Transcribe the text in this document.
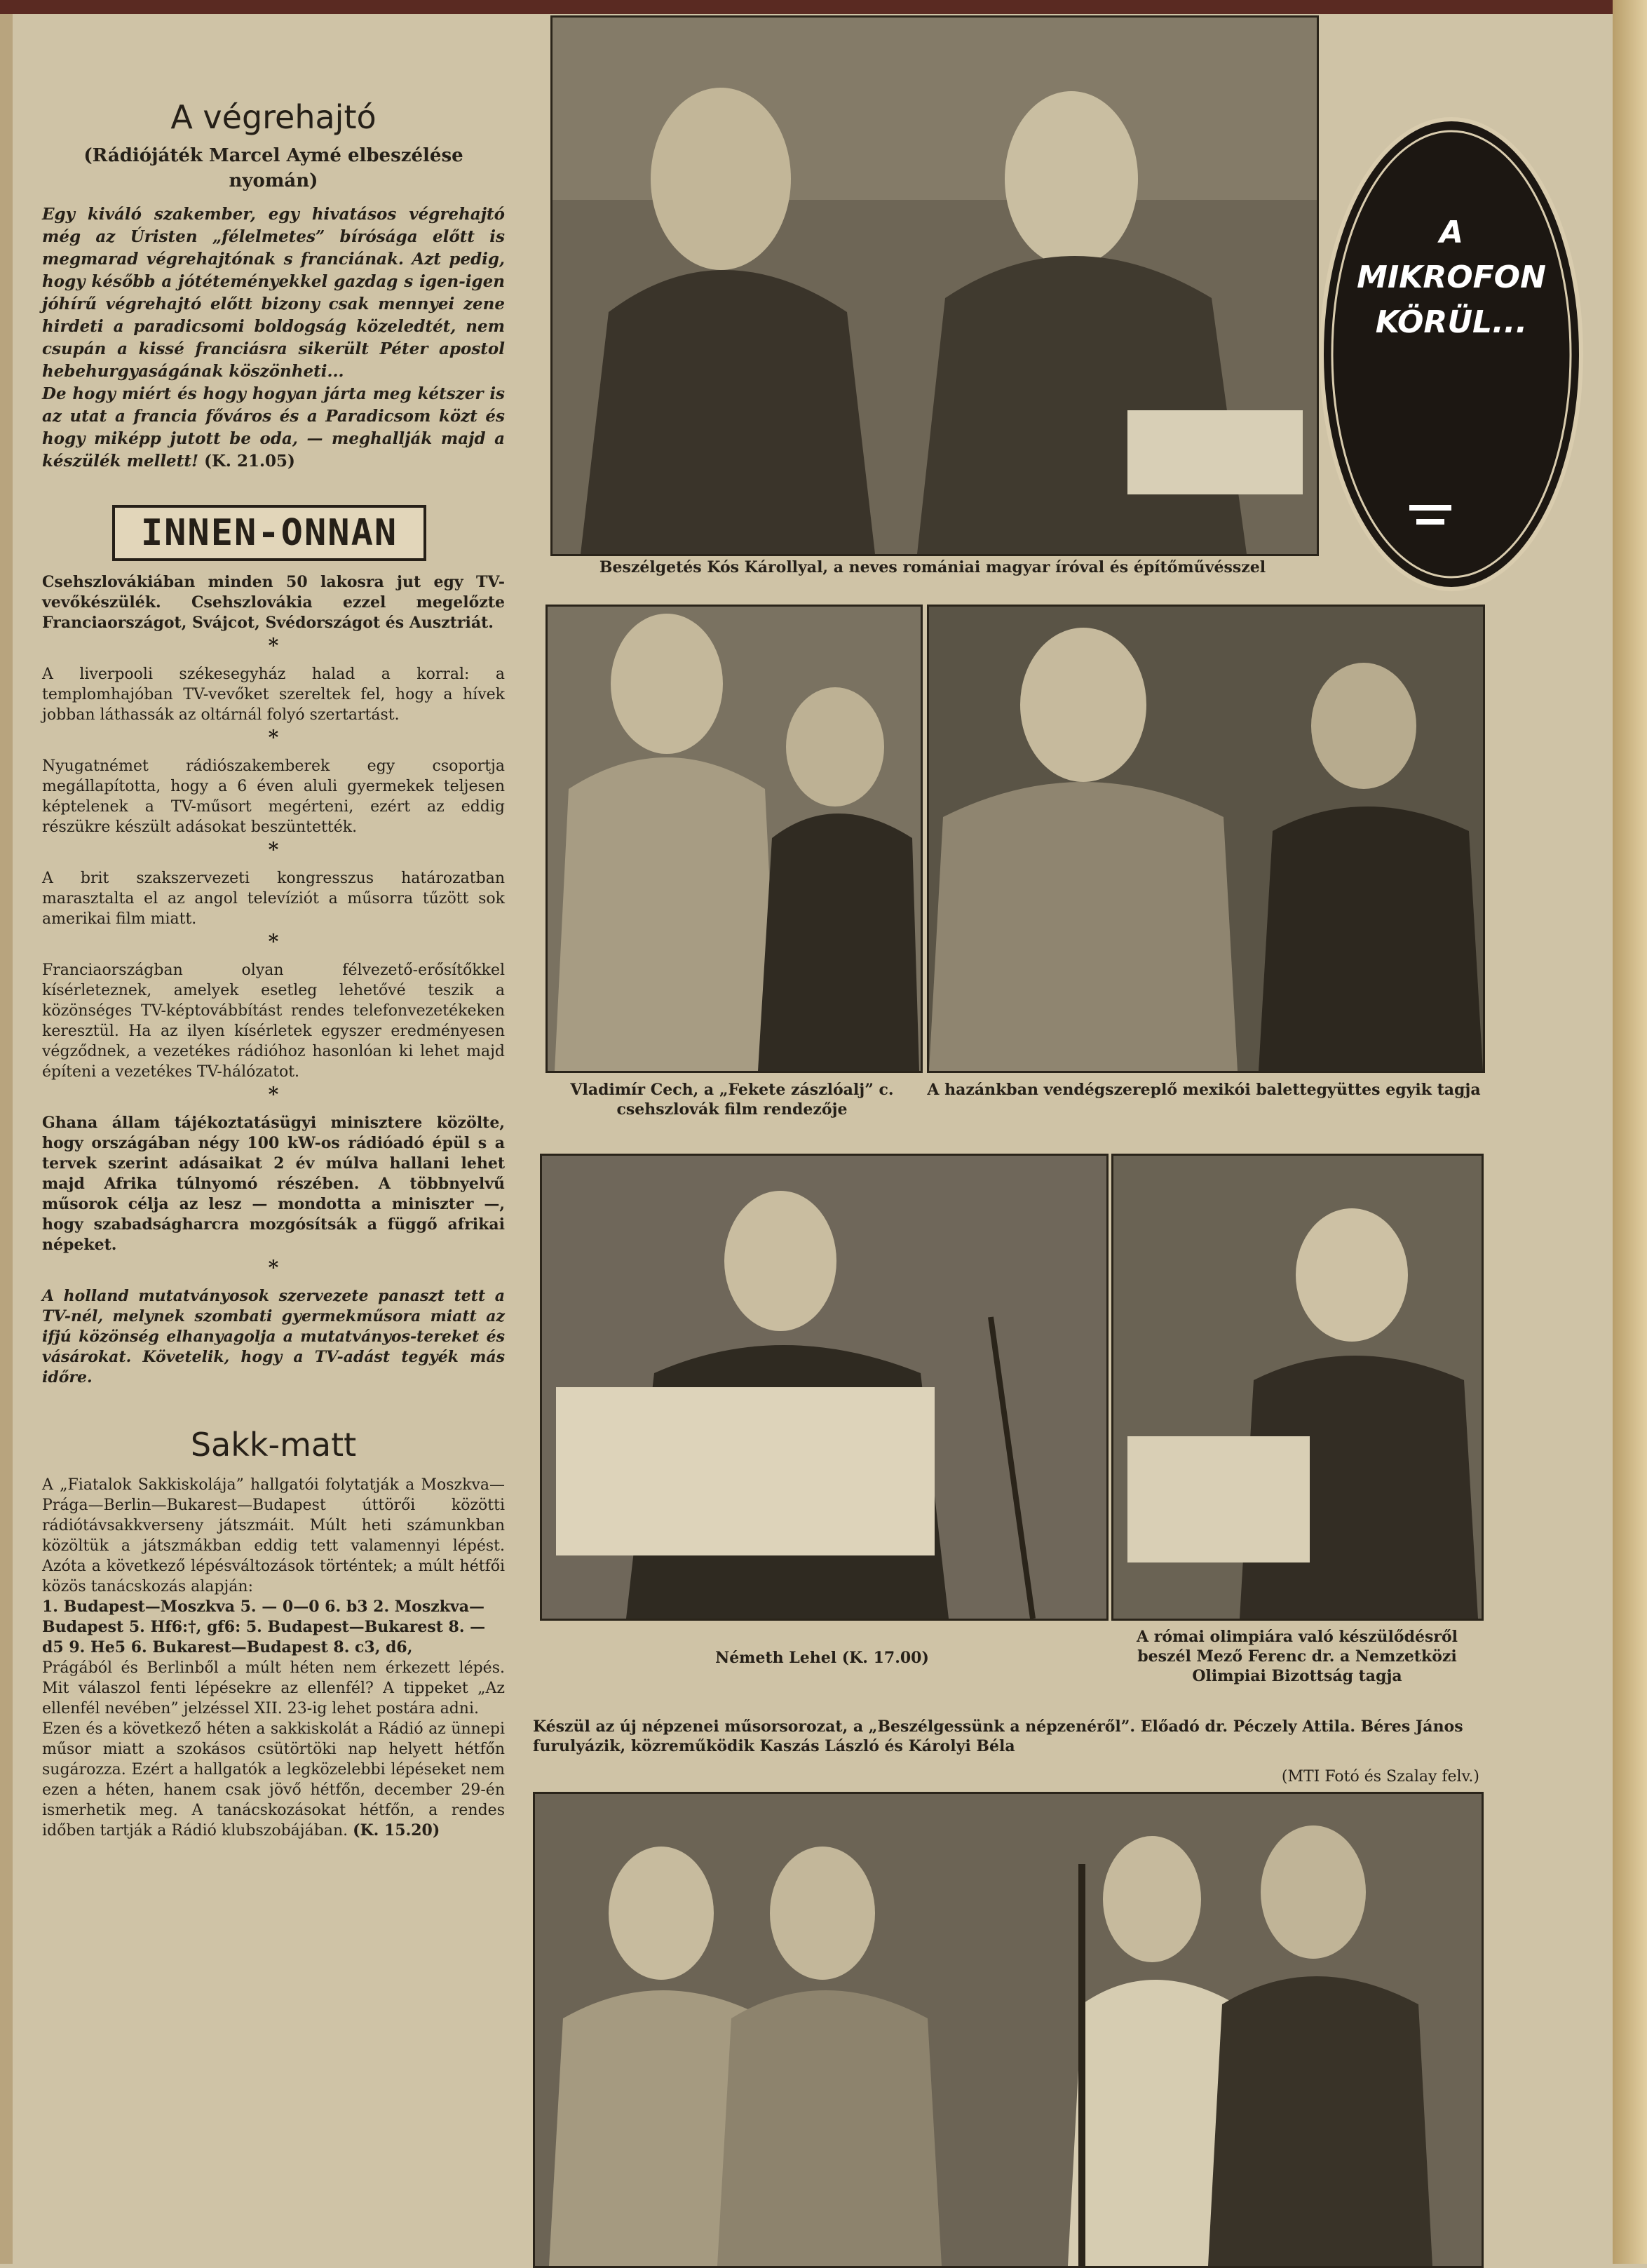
A végrehajtó
(Rádiójáték Marcel Aymé elbeszélése nyomán)
Egy kiváló szakember, egy hivatásos végrehajtó még az Úristen „félelmetes” bírósága előtt is megmarad végrehajtónak s franciának. Azt pedig, hogy később a jótéteményekkel gazdag s igen-igen jóhírű végrehajtó előtt bizony csak mennyei zene hirdeti a paradicsomi boldogság közeledtét, nem csupán a kissé franciásra sikerült Péter apostol hebehurgyaságának köszönheti...
De hogy miért és hogy hogyan járta meg kétszer is az utat a francia főváros és a Paradicsom közt és hogy miképp jutott be oda, — meghallják majd a készülék mellett! (K. 21.05)
INNEN-ONNAN
Csehszlovákiában minden 50 lakosra jut egy TV-vevőkészülék. Csehszlovákia ezzel megelőzte Franciaországot, Svájcot, Svédországot és Ausztriát.
*
A liverpooli székesegyház halad a korral: a templomhajóban TV-vevőket szereltek fel, hogy a hívek jobban láthassák az oltárnál folyó szertartást.
*
Nyugatnémet rádiószakemberek egy csoportja megállapította, hogy a 6 éven aluli gyermekek teljesen képtelenek a TV-műsort megérteni, ezért az eddig részükre készült adásokat beszüntették.
*
A brit szakszervezeti kongresszus határozatban marasztalta el az angol televíziót a műsorra tűzött sok amerikai film miatt.
*
Franciaországban olyan félvezető-erősítőkkel kísérleteznek, amelyek esetleg lehetővé teszik a közönséges TV-képtovábbítást rendes telefonvezetékeken keresztül. Ha az ilyen kísérletek egyszer eredményesen végződnek, a vezetékes rádióhoz hasonlóan ki lehet majd építeni a vezetékes TV-hálózatot.
*
Ghana állam tájékoztatásügyi minisztere közölte, hogy országában négy 100 kW-os rádióadó épül s a tervek szerint adásaikat 2 év múlva hallani lehet majd Afrika túlnyomó részében. A többnyelvű műsorok célja az lesz — mondotta a miniszter —, hogy szabadságharcra mozgósítsák a függő afrikai népeket.
*
A holland mutatványosok szervezete panaszt tett a TV-nél, melynek szombati gyermekműsora miatt az ifjú közönség elhanyagolja a mutatványos-tereket és vásárokat. Követelik, hogy a TV-adást tegyék más időre.
Sakk-matt
A „Fiatalok Sakkiskolája” hallgatói folytatják a Moszkva—Prága—Berlin—Bukarest—Budapest úttörői közötti rádiótávsakkverseny játszmáit. Múlt heti számunkban közöltük a játszmákban eddig tett valamennyi lépést. Azóta a következő lépésváltozások történtek; a múlt hétfői közös tanácskozás alapján:
1. Budapest—Moszkva 5. — 0—0 6. b3 2. Moszkva—Budapest 5. Hf6:†, gf6: 5. Budapest—Bukarest 8. — d5 9. He5 6. Bukarest—Budapest 8. c3, d6,
Prágából és Berlinből a múlt héten nem érkezett lépés. Mit válaszol fenti lépésekre az ellenfél? A tippeket „Az ellenfél nevében” jelzéssel XII. 23-ig lehet postára adni.
Ezen és a következő héten a sakkiskolát a Rádió az ünnepi műsor miatt a szokásos csütörtöki nap helyett hétfőn sugározza. Ezért a hallgatók a legközelebbi lépéseket nem ezen a héten, hanem csak jövő hétfőn, december 29-én ismerhetik meg. A tanácskozásokat hétfőn, a rendes időben tartják a Rádió klubszobájában. (K. 15.20)
Beszélgetés Kós Károllyal, a neves romániai magyar íróval és építőművésszel
A
MIKROFON
KÖRÜL...
Vladimír Cech, a „Fekete zászlóalj” c. csehszlovák film rendezője
A hazánkban vendégszereplő mexikói balettegyüttes egyik tagja
Németh Lehel (K. 17.00)
A római olimpiára való készülődésről beszél Mező Ferenc dr. a Nemzetközi Olimpiai Bizottság tagja
Készül az új népzenei műsorsorozat, a „Beszélgessünk a népzenéről”. Előadó dr. Péczely Attila. Béres János furulyázik, közreműködik Kaszás László és Károlyi Béla
(MTI Fotó és Szalay felv.)
